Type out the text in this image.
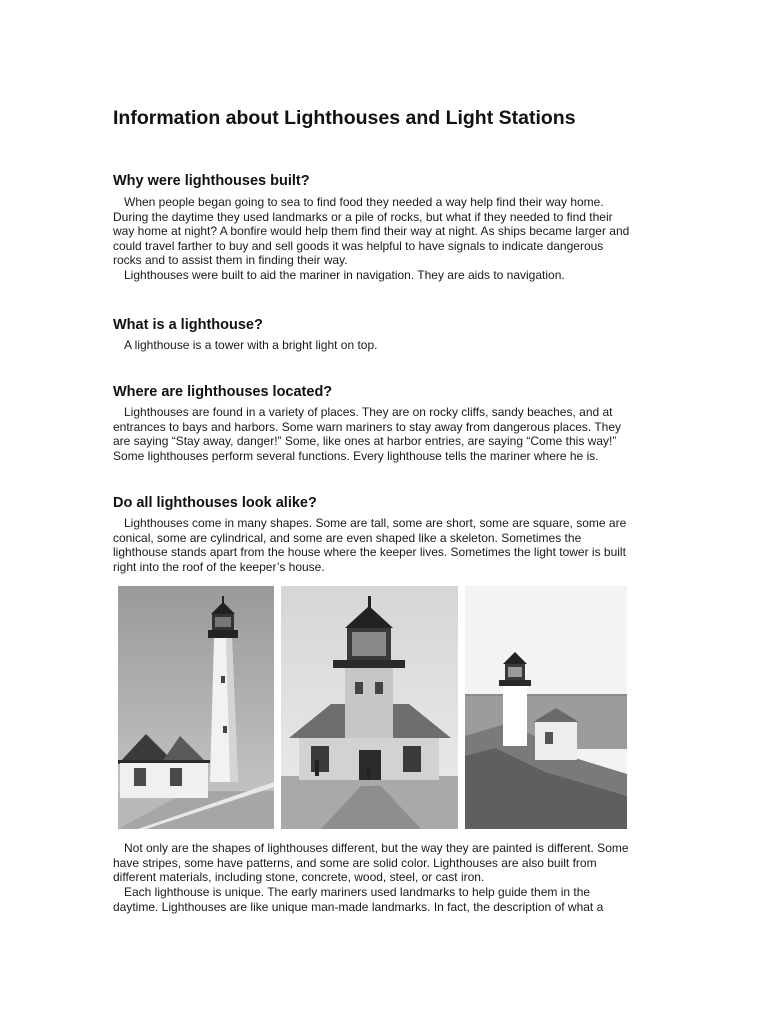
Information about Lighthouses and Light Stations
Why were lighthouses built?
When people began going to sea to find food they needed a way help find their way home.
During the daytime they used landmarks or a pile of rocks, but what if they needed to find their
way home at night? A bonfire would help them find their way at night. As ships became larger and
could travel farther to buy and sell goods it was helpful to have signals to indicate dangerous
rocks and to assist them in finding their way.
Lighthouses were built to aid the mariner in navigation. They are aids to navigation.
What is a lighthouse?
A lighthouse is a tower with a bright light on top.
Where are lighthouses located?
Lighthouses are found in a variety of places. They are on rocky cliffs, sandy beaches, and at
entrances to bays and harbors. Some warn mariners to stay away from dangerous places. They
are saying “Stay away, danger!” Some, like ones at harbor entries, are saying “Come this way!”
Some lighthouses perform several functions. Every lighthouse tells the mariner where he is.
Do all lighthouses look alike?
Lighthouses come in many shapes. Some are tall, some are short, some are square, some are
conical, some are cylindrical, and some are even shaped like a skeleton. Sometimes the
lighthouse stands apart from the house where the keeper lives. Sometimes the light tower is built
right into the roof of the keeper’s house.
Not only are the shapes of lighthouses different, but the way they are painted is different. Some
have stripes, some have patterns, and some are solid color. Lighthouses are also built from
different materials, including stone, concrete, wood, steel, or cast iron.
Each lighthouse is unique. The early mariners used landmarks to help guide them in the
daytime. Lighthouses are like unique man-made landmarks. In fact, the description of what a
